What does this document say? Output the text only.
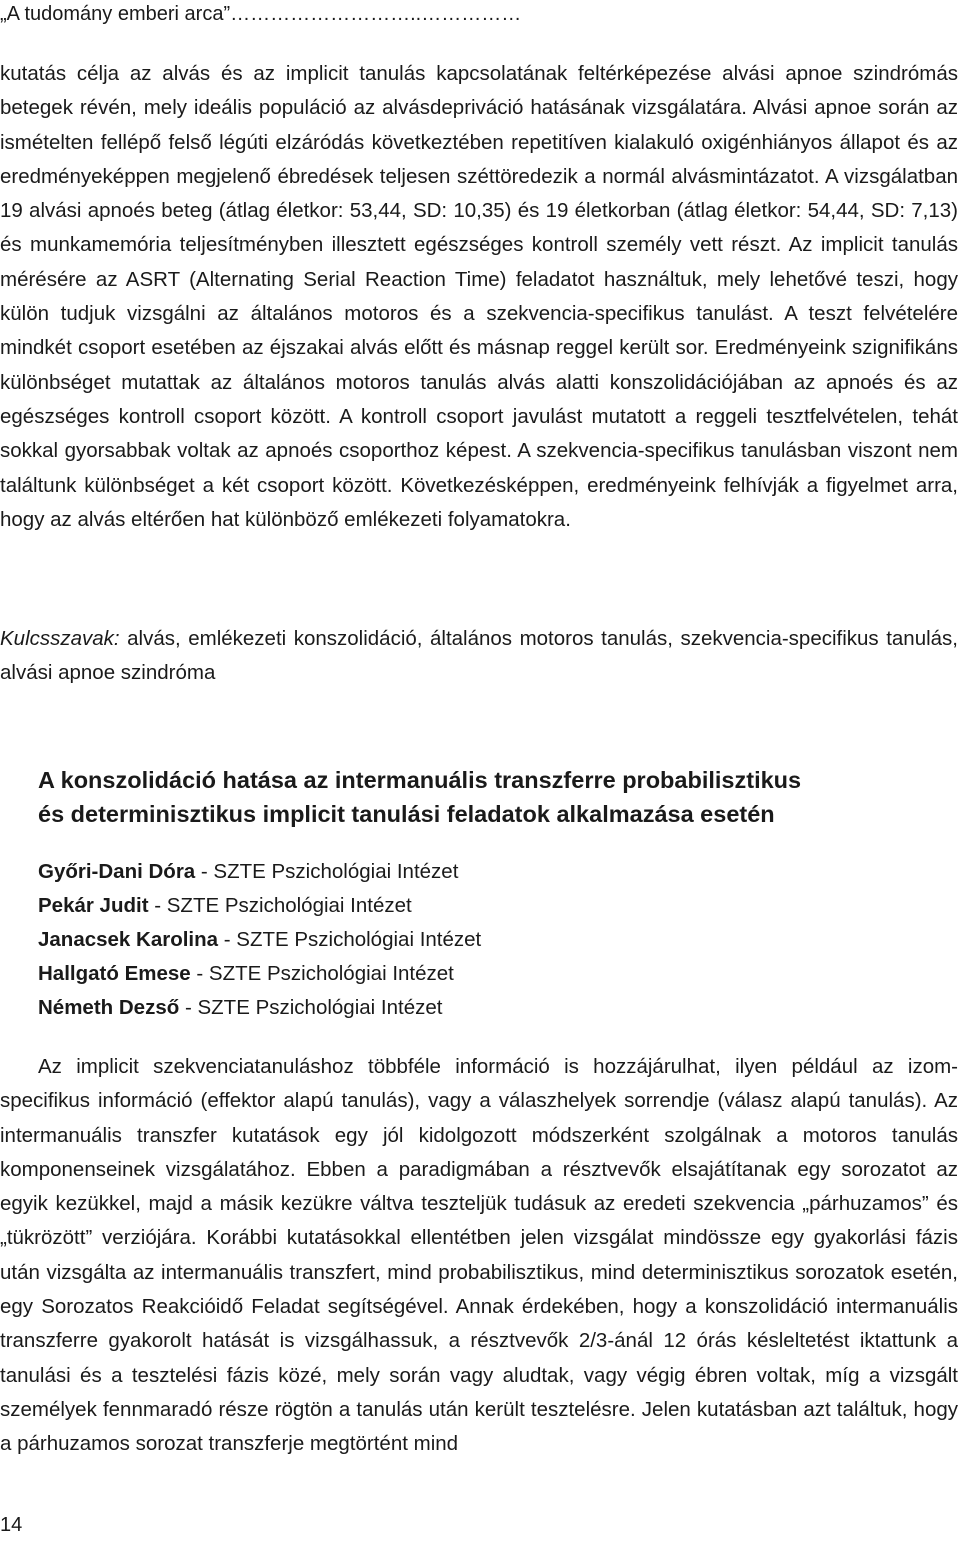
„A tudomány emberi arca”………………………..……………

kutatás célja az alvás és az implicit tanulás kapcsolatának feltérképezése alvási apnoe szindrómás betegek révén, mely ideális populáció az alvásdepriváció hatásának vizsgálatára. Alvási apnoe során az ismételten fellépő felső légúti elzáródás következtében repetitíven kialakuló oxigénhiányos állapot és az eredményeképpen megjelenő ébredések teljesen széttöredezik a normál alvásmintázatot. A vizsgálatban 19 alvási apnoés beteg (átlag életkor: 53,44, SD: 10,35) és 19 életkorban (átlag életkor: 54,44, SD: 7,13) és munkamemória teljesítményben illesztett egészséges kontroll személy vett részt. Az implicit tanulás mérésére az ASRT (Alternating Serial Reaction Time) feladatot használtuk, mely lehetővé teszi, hogy külön tudjuk vizsgálni az általános motoros és a szekvencia-specifikus tanulást. A teszt felvételére mindkét csoport esetében az éjszakai alvás előtt és másnap reggel került sor. Eredményeink szignifikáns különbséget mutattak az általános motoros tanulás alvás alatti konszolidációjában az apnoés és az egészséges kontroll csoport között. A kontroll csoport javulást mutatott a reggeli tesztfelvételen, tehát sokkal gyorsabbak voltak az apnoés csoporthoz képest. A szekvencia-specifikus tanulásban viszont nem találtunk különbséget a két csoport között. Következésképpen, eredményeink felhívják a figyelmet arra, hogy az alvás eltérően hat különböző emlékezeti folyamatokra.

Kulcsszavak: alvás, emlékezeti konszolidáció, általános motoros tanulás, szekvencia-specifikus tanulás, alvási apnoe szindróma

A konszolidáció hatása az intermanuális transzferre probabilisztikus
és determinisztikus implicit tanulási feladatok alkalmazása esetén
Győri-Dani Dóra - SZTE Pszichológiai Intézet
Pekár Judit - SZTE Pszichológiai Intézet
Janacsek Karolina - SZTE Pszichológiai Intézet
Hallgató Emese - SZTE Pszichológiai Intézet
Németh Dezső - SZTE Pszichológiai Intézet

Az implicit szekvenciatanuláshoz többféle információ is hozzájárulhat, ilyen például az izom-specifikus információ (effektor alapú tanulás), vagy a válaszhelyek sorrendje (válasz alapú tanulás). Az intermanuális transzfer kutatások egy jól kidolgozott módszerként szolgálnak a motoros tanulás komponenseinek vizsgálatához. Ebben a paradigmában a résztvevők elsajátítanak egy sorozatot az egyik kezükkel, majd a másik kezükre váltva teszteljük tudásuk az eredeti szekvencia „párhuzamos” és „tükrözött” verziójára. Korábbi kutatásokkal ellentétben jelen vizsgálat mindössze egy gyakorlási fázis után vizsgálta az intermanuális transzfert, mind probabilisztikus, mind determinisztikus sorozatok esetén, egy Sorozatos Reakcióidő Feladat segítségével. Annak érdekében, hogy a konszolidáció intermanuális transzferre gyakorolt hatását is vizsgálhassuk, a résztvevők 2/3-ánál 12 órás késleltetést iktattunk a tanulási és a tesztelési fázis közé, mely során vagy aludtak, vagy végig ébren voltak, míg a vizsgált személyek fennmaradó része rögtön a tanulás után került tesztelésre. Jelen kutatásban azt találtuk, hogy a párhuzamos sorozat transzferje megtörtént mind

14
